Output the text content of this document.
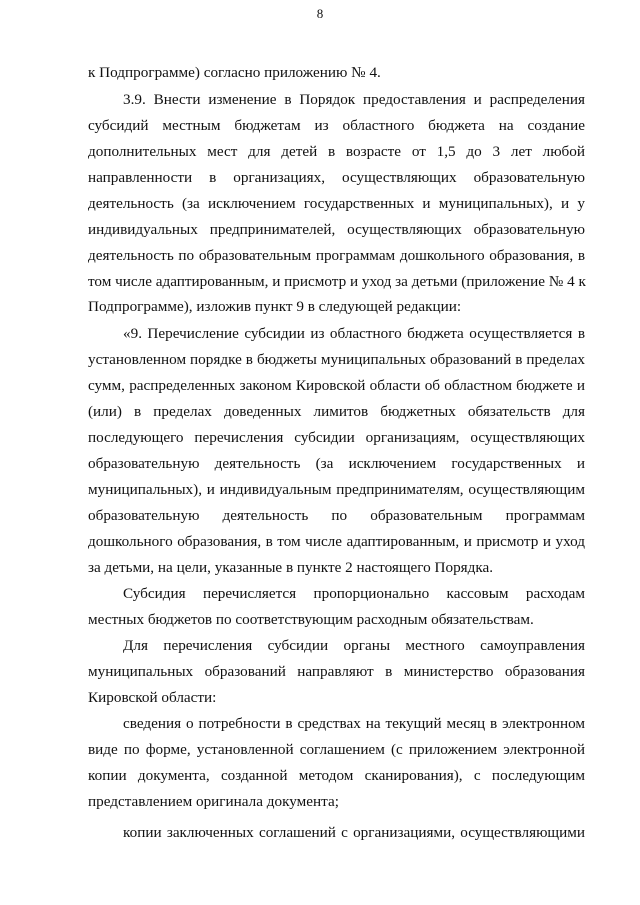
8
к Подпрограмме) согласно приложению № 4.
3.9. Внести изменение в Порядок предоставления и распределения
субсидий местным бюджетам из областного бюджета на создание
дополнительных мест для детей в возрасте от 1,5 до 3 лет любой
направленности в организациях, осуществляющих образовательную
деятельность (за исключением государственных и муниципальных), и у
индивидуальных предпринимателей, осуществляющих образовательную
деятельность по образовательным программам дошкольного образования, в
том числе адаптированным, и присмотр и уход за детьми (приложение № 4 к
Подпрограмме), изложив пункт 9 в следующей редакции:
«9. Перечисление субсидии из областного бюджета осуществляется в
установленном порядке в бюджеты муниципальных образований в пределах
сумм, распределенных законом Кировской области об областном бюджете и
(или) в пределах доведенных лимитов бюджетных обязательств для
последующего перечисления субсидии организациям, осуществляющих
образовательную деятельность (за исключением государственных и
муниципальных), и индивидуальным предпринимателям, осуществляющим
образовательную деятельность по образовательным программам
дошкольного образования, в том числе адаптированным, и присмотр и уход
за детьми, на цели, указанные в пункте 2 настоящего Порядка.
Субсидия перечисляется пропорционально кассовым расходам
местных бюджетов по соответствующим расходным обязательствам.
Для перечисления субсидии органы местного самоуправления
муниципальных образований направляют в министерство образования
Кировской области:
сведения о потребности в средствах на текущий месяц в электронном
виде по форме, установленной соглашением (с приложением электронной
копии документа, созданной методом сканирования), с последующим
представлением оригинала документа;
копии заключенных соглашений с организациями, осуществляющими
